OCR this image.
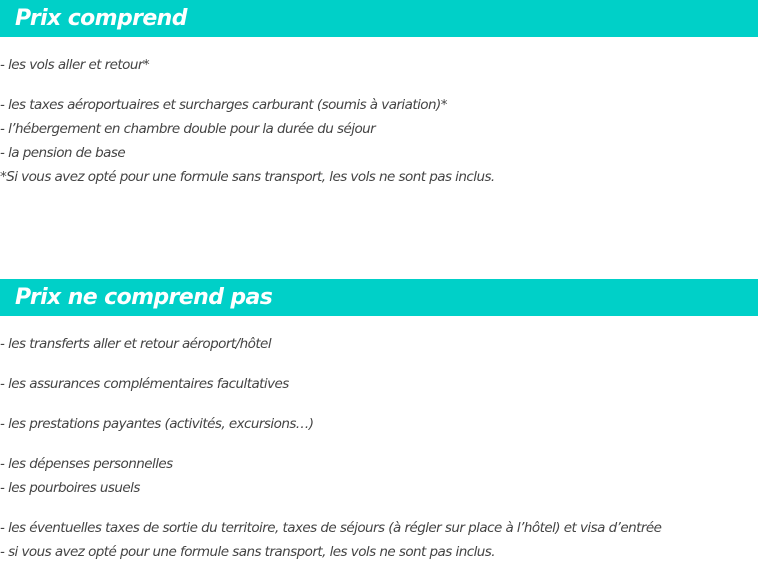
Prix comprend
- les vols aller et retour*
- les taxes aéroportuaires et surcharges carburant (soumis à variation)*
- l’hébergement en chambre double pour la durée du séjour
- la pension de base
*Si vous avez opté pour une formule sans transport, les vols ne sont pas inclus.
Prix ne comprend pas
- les transferts aller et retour aéroport/hôtel
- les assurances complémentaires facultatives
- les prestations payantes (activités, excursions…)
- les dépenses personnelles
- les pourboires usuels
- les éventuelles taxes de sortie du territoire, taxes de séjours (à régler sur place à l’hôtel) et visa d’entrée
- si vous avez opté pour une formule sans transport, les vols ne sont pas inclus.
